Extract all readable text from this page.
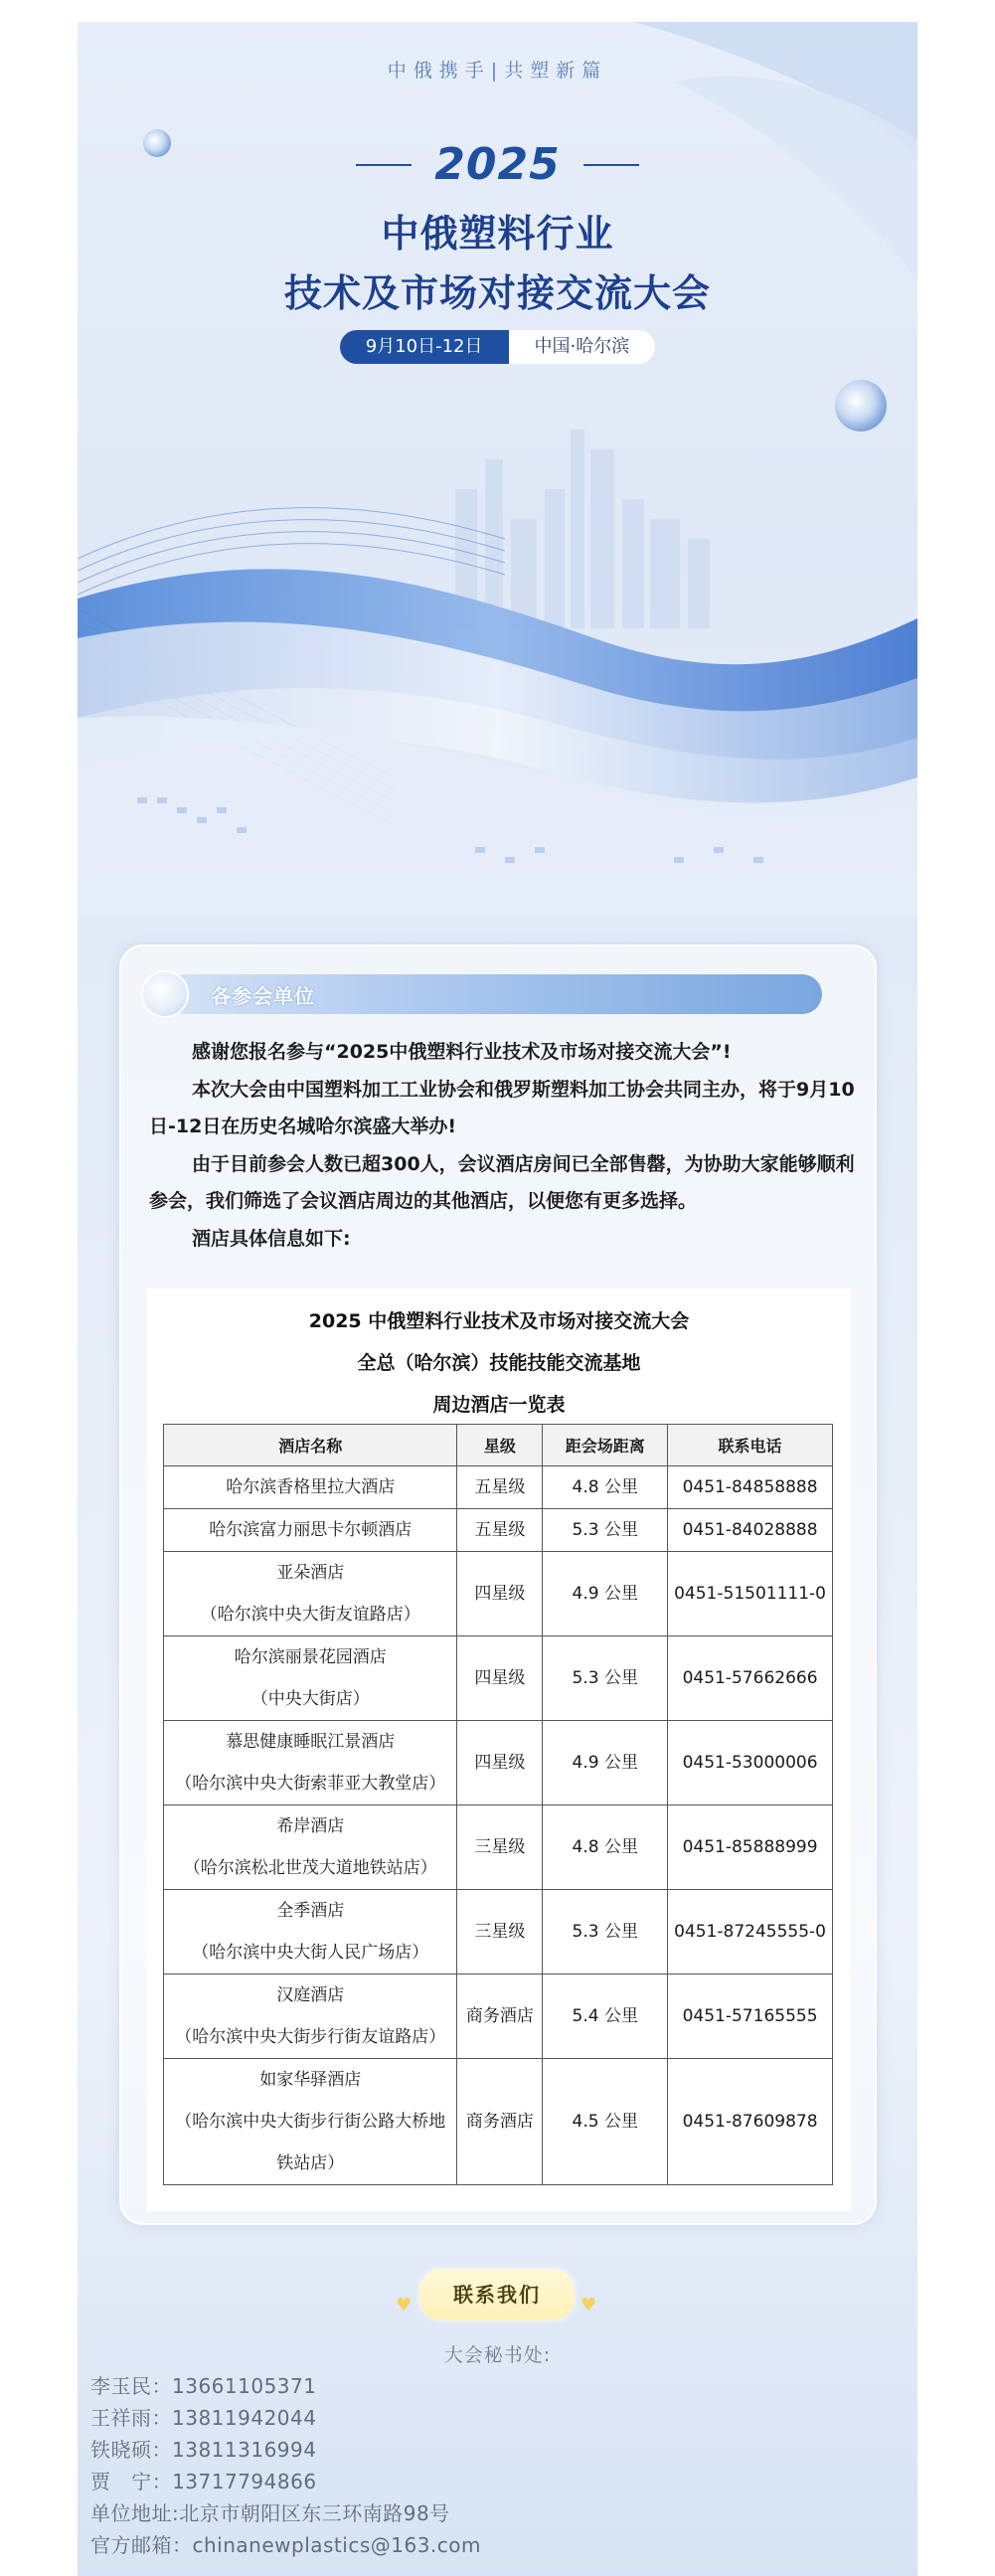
中俄携手|共塑新篇
2025
中俄塑料行业
技术及市场对接交流大会
9月10日-12日	中国·哈尔滨
各参会单位

感谢您报名参与“2025中俄塑料行业技术及市场对接交流大会”!

本次大会由中国塑料加工工业协会和俄罗斯塑料加工协会共同主办，将于9月10日-12日在历史名城哈尔滨盛大举办!

由于目前参会人数已超300人，会议酒店房间已全部售罄，为协助大家能够顺利参会，我们筛选了会议酒店周边的其他酒店，以便您有更多选择。

酒店具体信息如下:

2025 中俄塑料行业技术及市场对接交流大会
全总（哈尔滨）技能技能交流基地
周边酒店一览表
酒店名称	星级	距会场距离	联系电话

哈尔滨香格里拉大酒店	五星级	4.8 公里	0451-84858888

哈尔滨富力丽思卡尔顿酒店	五星级	5.3 公里	0451-84028888

亚朵酒店
（哈尔滨中央大街友谊路店）	四星级	4.9 公里	0451-51501111-0

哈尔滨丽景花园酒店
（中央大街店）	四星级	5.3 公里	0451-57662666

慕思健康睡眠江景酒店
（哈尔滨中央大街索菲亚大教堂店）	四星级	4.9 公里	0451-53000006

希岸酒店
（哈尔滨松北世茂大道地铁站店）	三星级	4.8 公里	0451-85888999

全季酒店
（哈尔滨中央大街人民广场店）	三星级	5.3 公里	0451-87245555-0

汉庭酒店
（哈尔滨中央大街步行街友谊路店）	商务酒店	5.4 公里	0451-57165555

如家华驿酒店
（哈尔滨中央大街步行街公路大桥地
铁站店）	商务酒店	4.5 公里	0451-87609878
♥	联系我们	♥
大会秘书处:
李玉民：13661105371
王祥雨：13811942044
铁晓硕：13811316994
贾   宁：13717794866
单位地址:北京市朝阳区东三环南路98号
官方邮箱：chinanewplastics@163.com
